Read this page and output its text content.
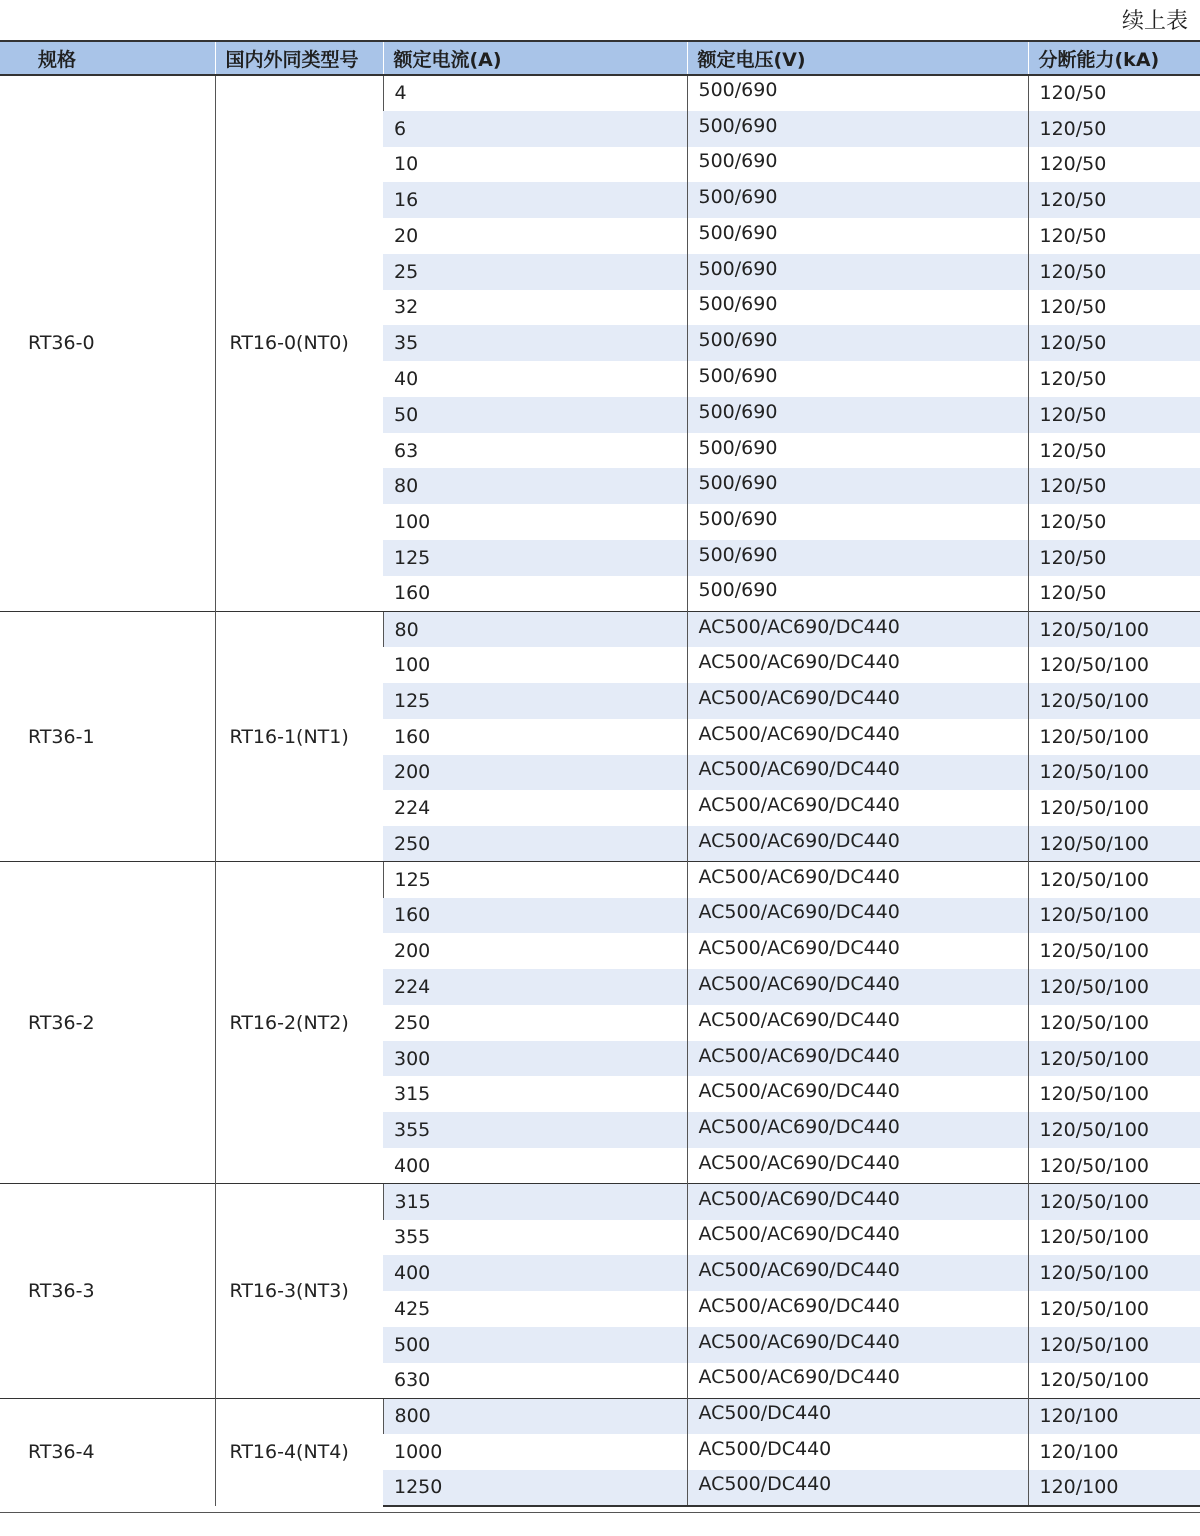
续上表
规格	国内外同类型号	额定电流(A)	额定电压(V)	分断能力(kA)
RT36-0	RT16-0(NT0)	4	500/690	120/50
		6	500/690	120/50
		10	500/690	120/50
		16	500/690	120/50
		20	500/690	120/50
		25	500/690	120/50
		32	500/690	120/50
		35	500/690	120/50
		40	500/690	120/50
		50	500/690	120/50
		63	500/690	120/50
		80	500/690	120/50
		100	500/690	120/50
		125	500/690	120/50
		160	500/690	120/50
RT36-1	RT16-1(NT1)	80	AC500/AC690/DC440	120/50/100
		100	AC500/AC690/DC440	120/50/100
		125	AC500/AC690/DC440	120/50/100
		160	AC500/AC690/DC440	120/50/100
		200	AC500/AC690/DC440	120/50/100
		224	AC500/AC690/DC440	120/50/100
		250	AC500/AC690/DC440	120/50/100
RT36-2	RT16-2(NT2)	125	AC500/AC690/DC440	120/50/100
		160	AC500/AC690/DC440	120/50/100
		200	AC500/AC690/DC440	120/50/100
		224	AC500/AC690/DC440	120/50/100
		250	AC500/AC690/DC440	120/50/100
		300	AC500/AC690/DC440	120/50/100
		315	AC500/AC690/DC440	120/50/100
		355	AC500/AC690/DC440	120/50/100
		400	AC500/AC690/DC440	120/50/100
RT36-3	RT16-3(NT3)	315	AC500/AC690/DC440	120/50/100
		355	AC500/AC690/DC440	120/50/100
		400	AC500/AC690/DC440	120/50/100
		425	AC500/AC690/DC440	120/50/100
		500	AC500/AC690/DC440	120/50/100
		630	AC500/AC690/DC440	120/50/100
RT36-4	RT16-4(NT4)	800	AC500/DC440	120/100
		1000	AC500/DC440	120/100
		1250	AC500/DC440	120/100
